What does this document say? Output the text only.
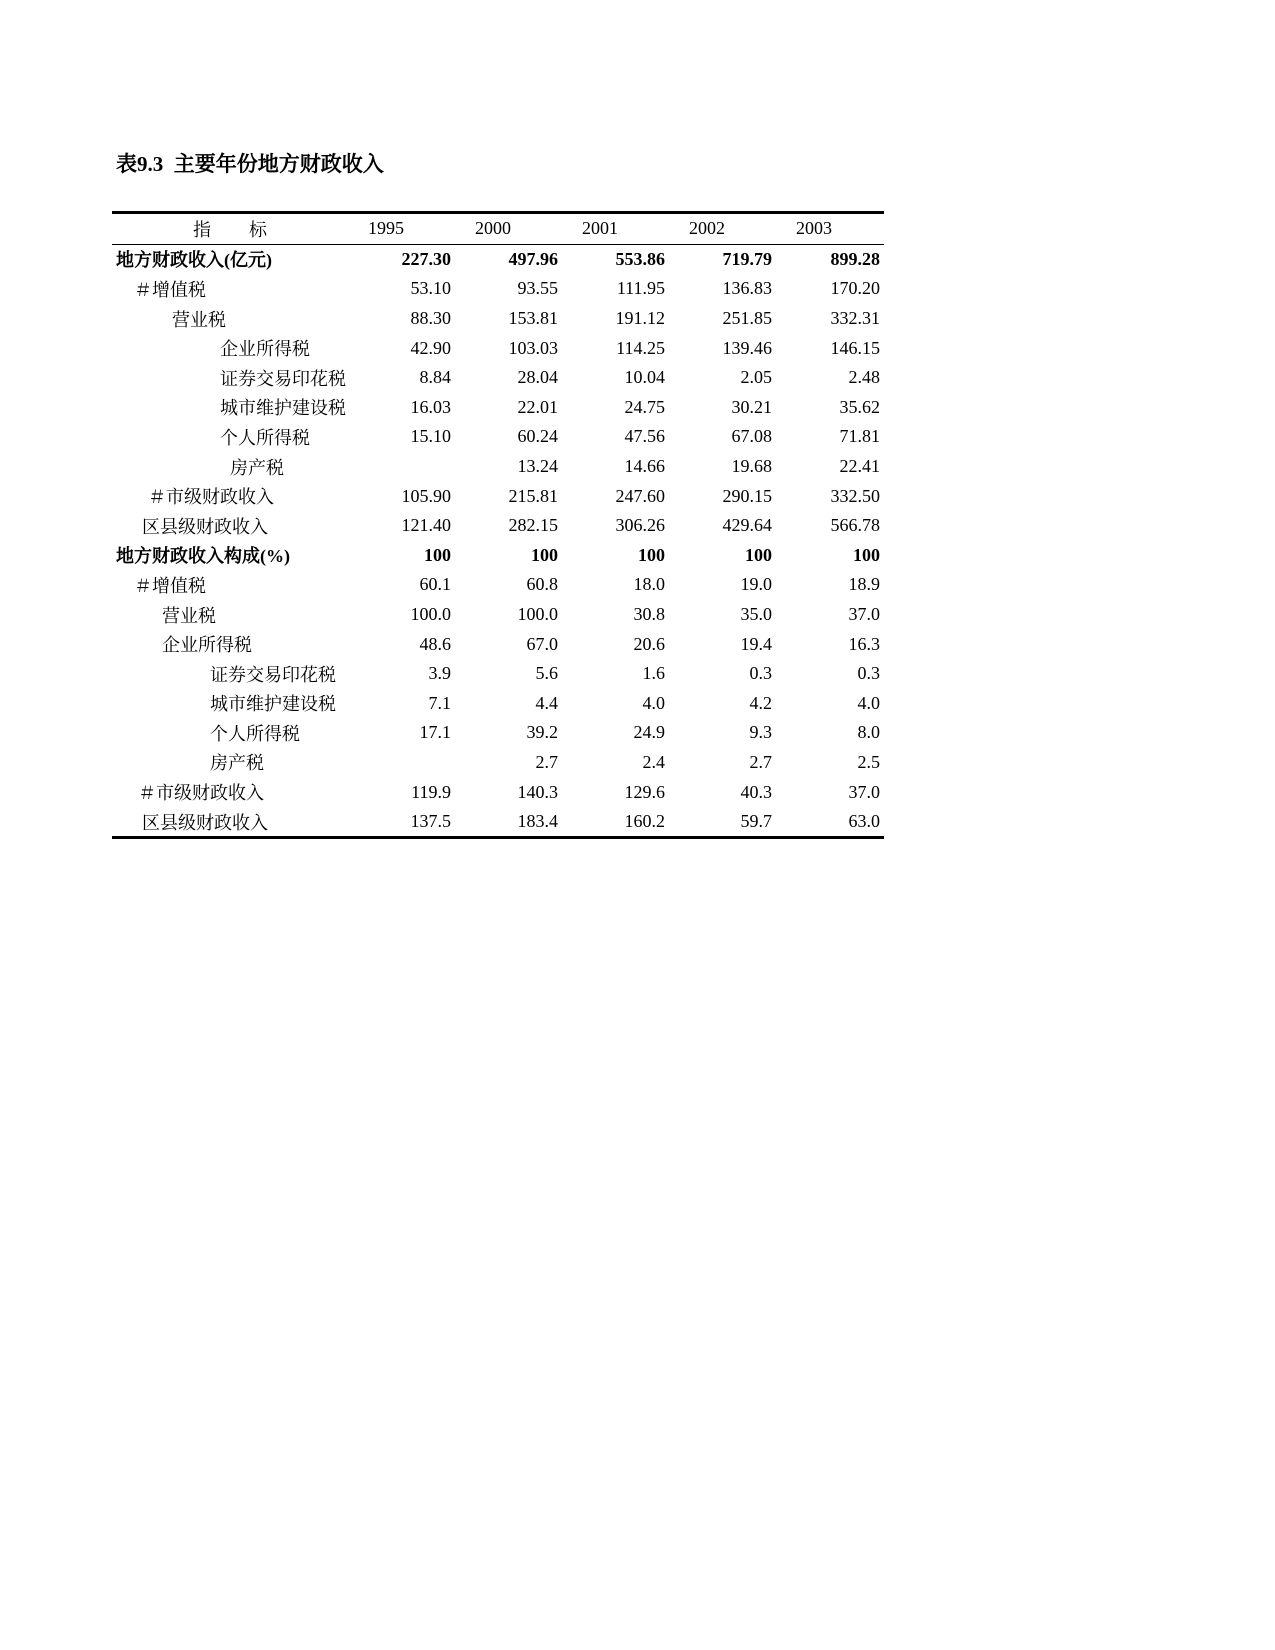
表9.3  主要年份地方财政收入
指 标	1995	2000	2001	2002	2003
地方财政收入(亿元)	227.30	497.96	553.86	719.79	899.28
＃增值税	53.10	93.55	111.95	136.83	170.20
营业税	88.30	153.81	191.12	251.85	332.31
企业所得税	42.90	103.03	114.25	139.46	146.15
证券交易印花税	8.84	28.04	10.04	2.05	2.48
城市维护建设税	16.03	22.01	24.75	30.21	35.62
个人所得税	15.10	60.24	47.56	67.08	71.81
房产税		13.24	14.66	19.68	22.41
＃市级财政收入	105.90	215.81	247.60	290.15	332.50
区县级财政收入	121.40	282.15	306.26	429.64	566.78
地方财政收入构成(%)	100	100	100	100	100
＃增值税	60.1	60.8	18.0	19.0	18.9
营业税	100.0	100.0	30.8	35.0	37.0
企业所得税	48.6	67.0	20.6	19.4	16.3
证券交易印花税	3.9	5.6	1.6	0.3	0.3
城市维护建设税	7.1	4.4	4.0	4.2	4.0
个人所得税	17.1	39.2	24.9	9.3	8.0
房产税		2.7	2.4	2.7	2.5
＃市级财政收入	119.9	140.3	129.6	40.3	37.0
区县级财政收入	137.5	183.4	160.2	59.7	63.0
